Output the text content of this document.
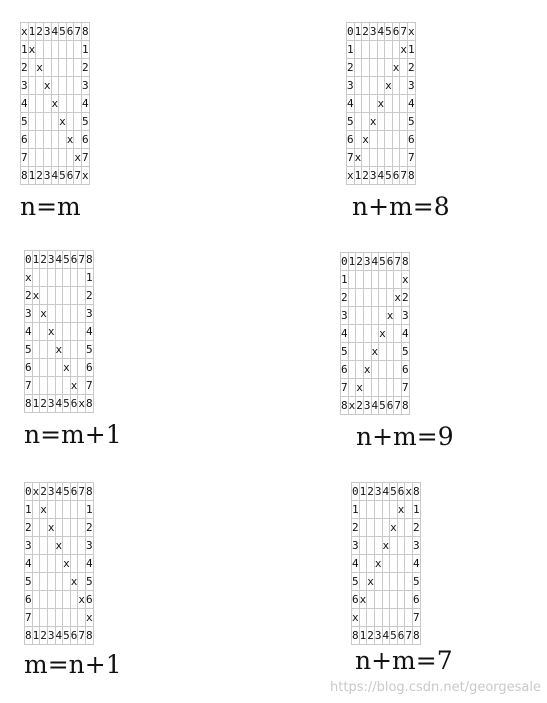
x	1	2	3	4	5	6	7	8
1	x							1
2		x						2
3			x					3
4				x				4
5					x			5
6						x		6
7							x	7
8	1	2	3	4	5	6	7	x
n=m
0	1	2	3	4	5	6	7	x
1							x	1
2						x		2
3					x			3
4				x				4
5			x					5
6		x						6
7	x							7
x	1	2	3	4	5	6	7	8
n+m=8
0	1	2	3	4	5	6	7	8
x								1
2	x							2
3		x						3
4			x					4
5				x				5
6					x			6
7						x		7
8	1	2	3	4	5	6	x	8
n=m+1
0	1	2	3	4	5	6	7	8
1								x
2							x	2
3						x		3
4					x			4
5				x				5
6			x					6
7		x						7
8	x	2	3	4	5	6	7	8
n+m=9
0	x	2	3	4	5	6	7	8
1		x						1
2			x					2
3				x				3
4					x			4
5						x		5
6							x	6
7								x
8	1	2	3	4	5	6	7	8
m=n+1
0	1	2	3	4	5	6	x	8
1						x		1
2					x			2
3				x				3
4			x					4
5		x						5
6	x							6
x								7
8	1	2	3	4	5	6	7	8
n+m=7
https://blog.csdn.net/georgesale
